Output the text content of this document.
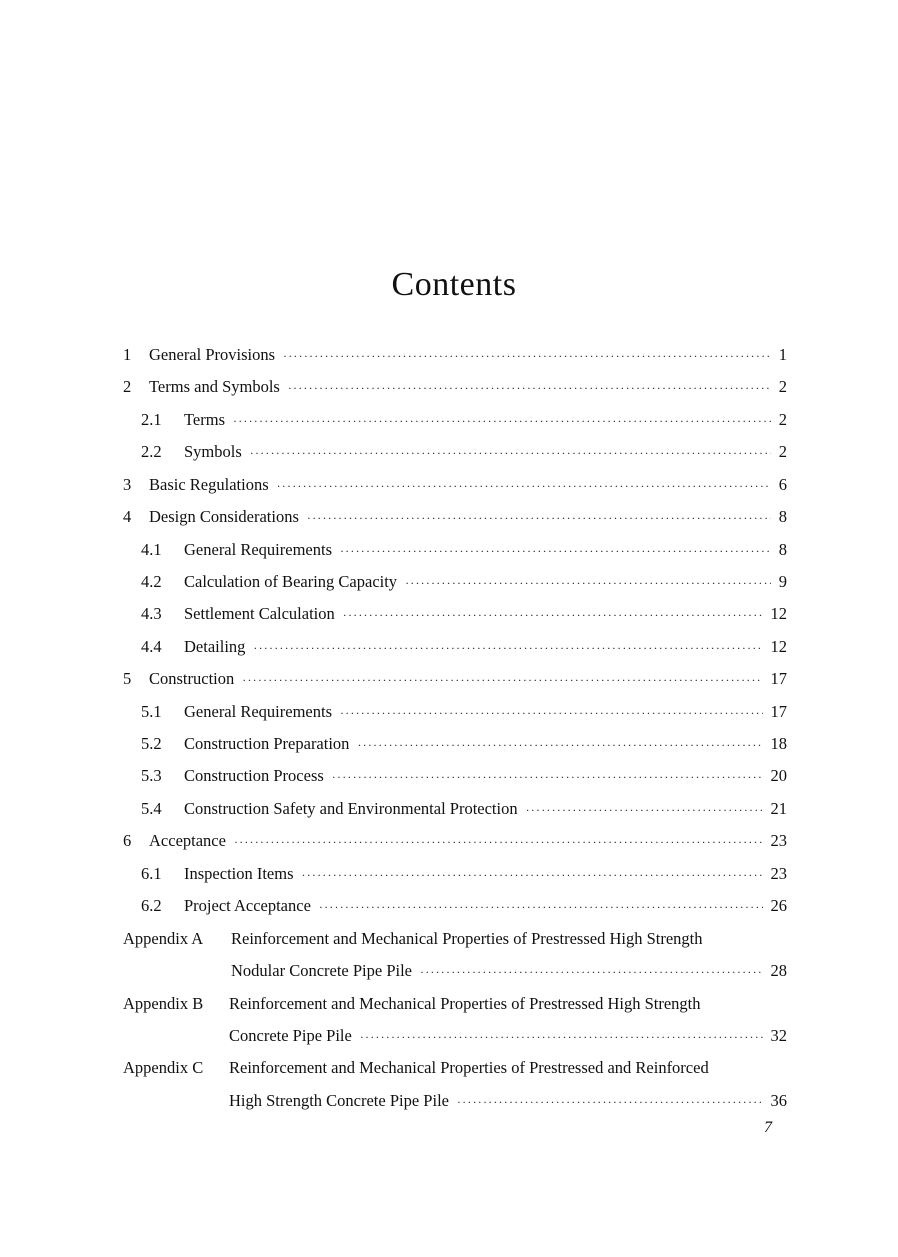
Contents
1	General Provisions ·····	1
2	Terms and Symbols ·····	2
2.1	Terms ·····	2
2.2	Symbols ·····	2
3	Basic Regulations ·····	6
4	Design Considerations ·····	8
4.1	General Requirements ·····	8
4.2	Calculation of Bearing Capacity ·····	9
4.3	Settlement Calculation ·····	12
4.4	Detailing ·····	12
5	Construction ·····	17
5.1	General Requirements ·····	17
5.2	Construction Preparation ·····	18
5.3	Construction Process ·····	20
5.4	Construction Safety and Environmental Protection ·····	21
6	Acceptance ·····	23
6.1	Inspection Items ·····	23
6.2	Project Acceptance ·····	26
Appendix A Reinforcement and Mechanical Properties of Prestressed High Strength
Nodular Concrete Pipe Pile ·····	28
Appendix B Reinforcement and Mechanical Properties of Prestressed High Strength
Concrete Pipe Pile ·····	32
Appendix C Reinforcement and Mechanical Properties of Prestressed and Reinforced
High Strength Concrete Pipe Pile ·····	36
7
